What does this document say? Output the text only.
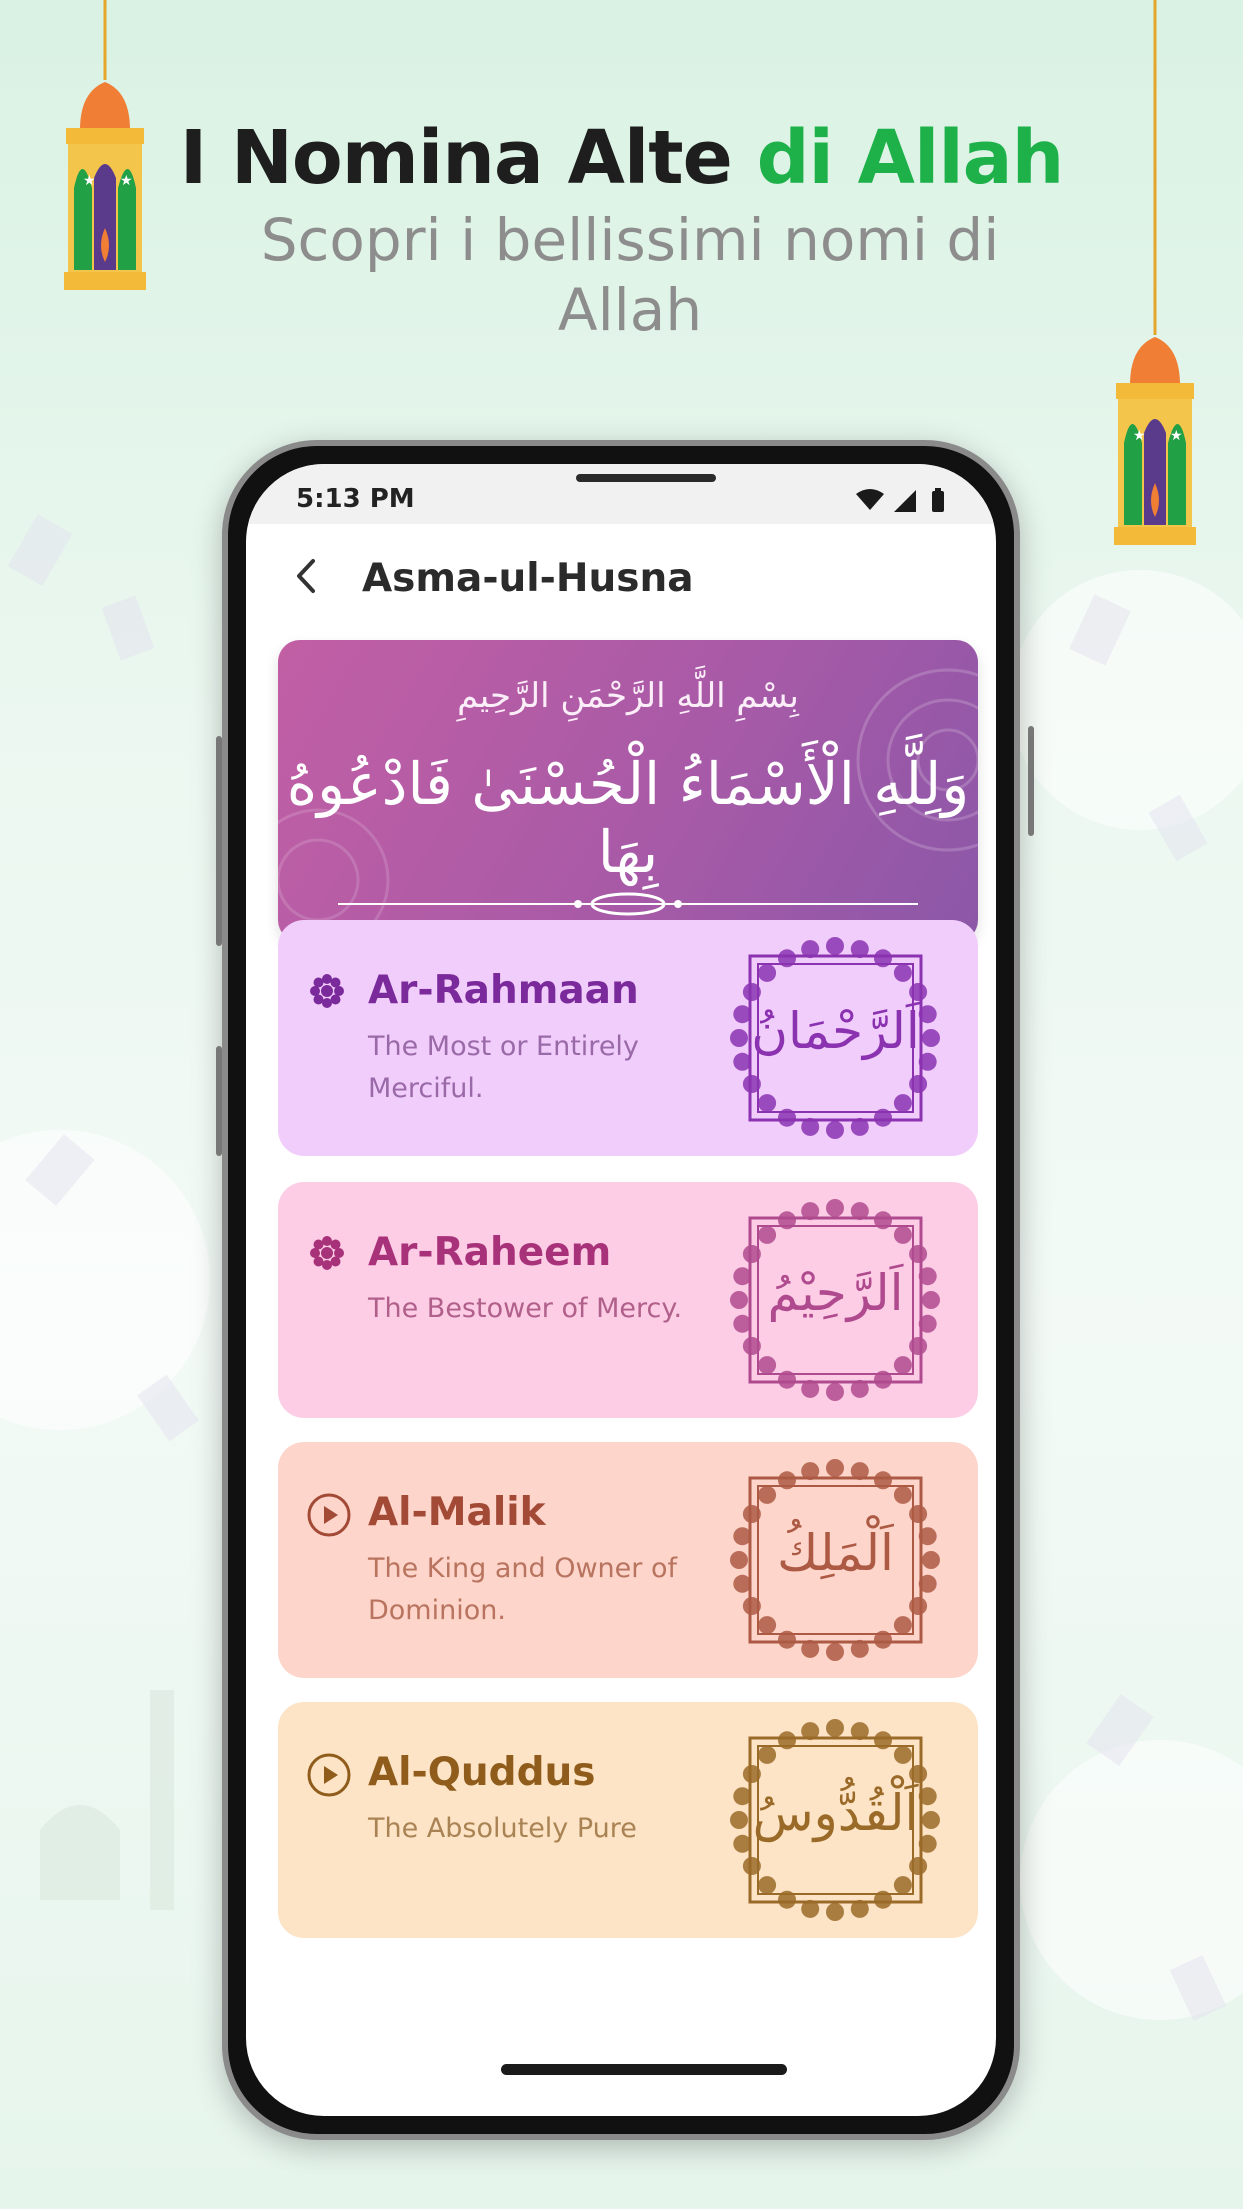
I Nomina Alte di Allah
Scopri i bellissimi nomi di
Allah
★ ★
★ ★
5:13 PM
Asma-ul-Husna
بِسْمِ اللَّهِ الرَّحْمَنِ الرَّحِيمِ
وَلِلَّهِ الْأَسْمَاءُ الْحُسْنَىٰ فَادْعُوهُ بِهَا
Ar-Rahmaan
The Most or Entirely Merciful.
اَلرَّحْمَانُ
Ar-Raheem
The Bestower of Mercy.	اَلرَّحِيْمُ
Al-Malik
The King and Owner of Dominion.
اَلْمَلِكُ
Al-Quddus
The Absolutely Pure	اَلْقُدُّوسُ
